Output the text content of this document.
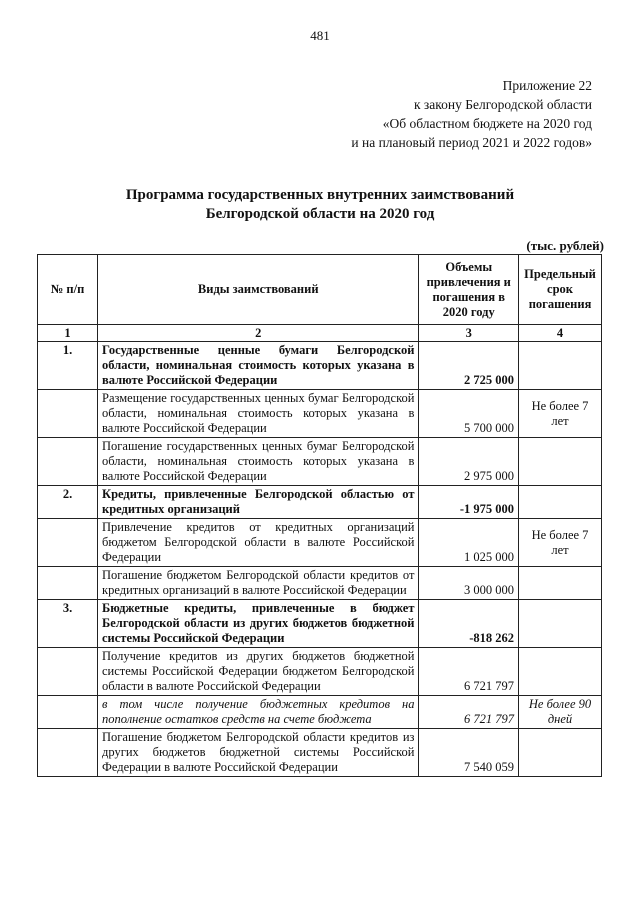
481
Приложение 22
к закону Белгородской области
«Об областном бюджете на 2020 год
и на плановый период 2021 и 2022 годов»
Программа государственных внутренних заимствований
Белгородской области на 2020 год
(тыс. рублей)
№ п/п	Виды заимствований	Объемы привлечения и погашения в 2020 году	Предельный срок погашения
1	2	3	4
1.	Государственные ценные бумаги Белгородской области, номинальная стоимость которых указана в валюте Российской Федерации	2 725 000	
	Размещение государственных ценных бумаг Белгородской области, номинальная стоимость которых указана в валюте Российской Федерации	5 700 000	Не более 7 лет
	Погашение государственных ценных бумаг Белгородской области, номинальная стоимость которых указана в валюте Российской Федерации	2 975 000	
2.	Кредиты, привлеченные Белгородской областью от кредитных организаций	-1 975 000	
	Привлечение кредитов от кредитных организаций бюджетом Белгородской области в валюте Российской Федерации	1 025 000	Не более 7 лет
	Погашение бюджетом Белгородской области кредитов от кредитных организаций в валюте Российской Федерации	3 000 000	
3.	Бюджетные кредиты, привлеченные в бюджет Белгородской области из других бюджетов бюджетной системы Российской Федерации	-818 262	
	Получение кредитов из других бюджетов бюджетной системы Российской Федерации бюджетом Белгородской области в валюте Российской Федерации	6 721 797	
	в том числе получение бюджетных кредитов на пополнение остатков средств на счете бюджета	6 721 797	Не более 90 дней
	Погашение бюджетом Белгородской области кредитов из других бюджетов бюджетной системы Российской Федерации в валюте Российской Федерации	7 540 059	
